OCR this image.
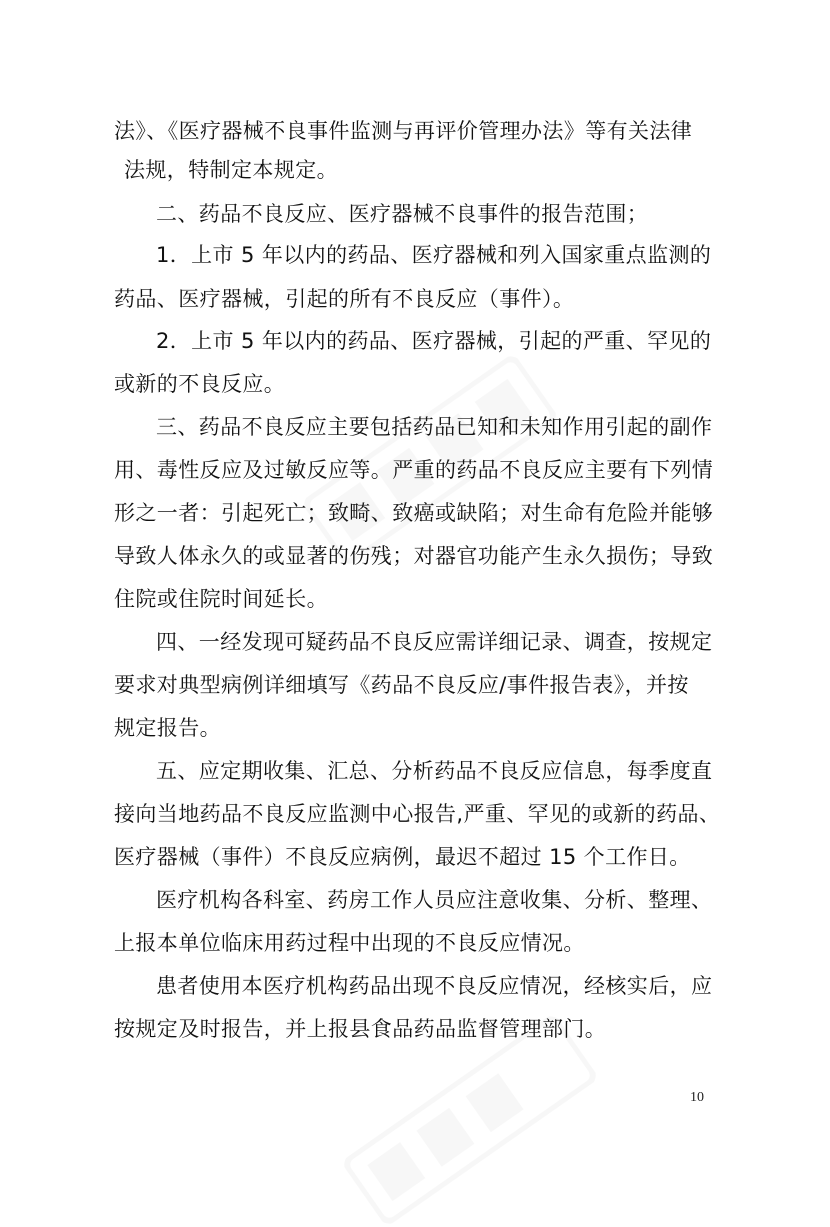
法》、《医疗器械不良事件监测与再评价管理办法》等有关法律
法规，特制定本规定。
二、药品不良反应、医疗器械不良事件的报告范围；
1．上市 5 年以内的药品、医疗器械和列入国家重点监测的
药品、医疗器械，引起的所有不良反应（事件）。
2．上市 5 年以内的药品、医疗器械，引起的严重、罕见的
或新的不良反应。
三、药品不良反应主要包括药品已知和未知作用引起的副作
用、毒性反应及过敏反应等。严重的药品不良反应主要有下列情
形之一者：引起死亡；致畸、致癌或缺陷；对生命有危险并能够
导致人体永久的或显著的伤残；对器官功能产生永久损伤；导致
住院或住院时间延长。
四、一经发现可疑药品不良反应需详细记录、调查，按规定
要求对典型病例详细填写《药品不良反应/事件报告表》，并按
规定报告。
五、应定期收集、汇总、分析药品不良反应信息，每季度直
接向当地药品不良反应监测中心报告,严重、罕见的或新的药品、
医疗器械（事件）不良反应病例，最迟不超过 15 个工作日。
医疗机构各科室、药房工作人员应注意收集、分析、整理、
上报本单位临床用药过程中出现的不良反应情况。
患者使用本医疗机构药品出现不良反应情况，经核实后，应
按规定及时报告，并上报县食品药品监督管理部门。
10
